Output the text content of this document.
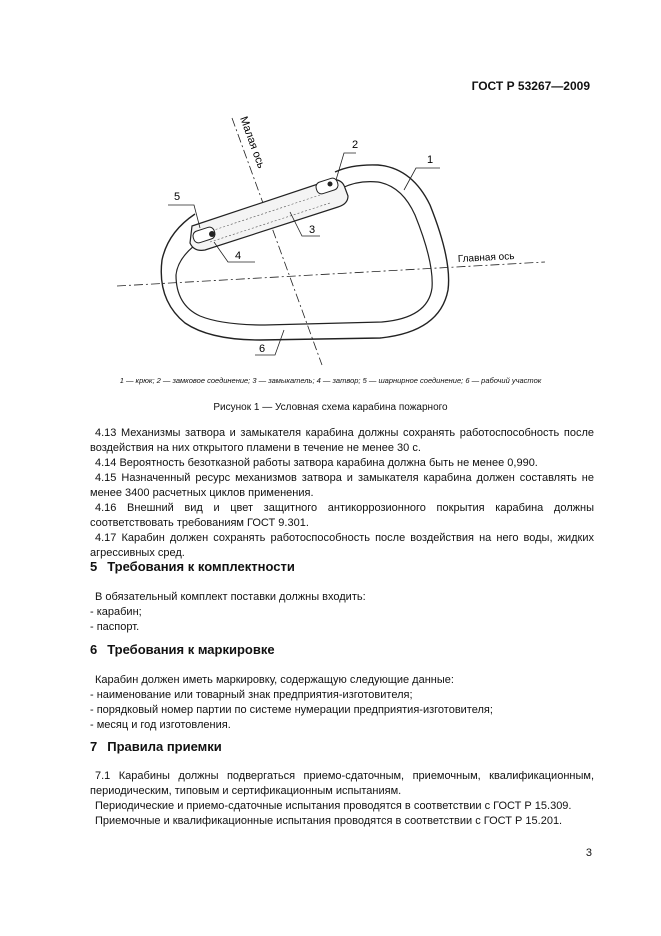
ГОСТ Р 53267—2009
1
2
3
4
5
6
Малая ось
Главная ось
1 — крюк; 2 — замковое соединение; 3 — замыкатель; 4 — затвор; 5 — шарнирное соединение; 6 — рабочий участок
Рисунок 1 — Условная схема карабина пожарного

4.13 Механизмы затвора и замыкателя карабина должны сохранять работоспособность после воздействия на них открытого пламени в течение не менее 30 с.

4.14 Вероятность безотказной работы затвора карабина должна быть не менее 0,990.

4.15 Назначенный ресурс механизмов затвора и замыкателя карабина должен составлять не менее 3400 расчетных циклов применения.

4.16 Внешний вид и цвет защитного антикоррозионного покрытия карабина должны соответствовать требованиям ГОСТ 9.301.

4.17 Карабин должен сохранять работоспособность после воздействия на него воды, жидких агрессивных сред.

5 Требования к комплектности

В обязательный комплект поставки должны входить:

- карабин;

- паспорт.

6 Требования к маркировке

Карабин должен иметь маркировку, содержащую следующие данные:

- наименование или товарный знак предприятия-изготовителя;

- порядковый номер партии по системе нумерации предприятия-изготовителя;

- месяц и год изготовления.

7 Правила приемки

7.1 Карабины должны подвергаться приемо-сдаточным, приемочным, квалификационным, периодическим, типовым и сертификационным испытаниям.

Периодические и приемо-сдаточные испытания проводятся в соответствии с ГОСТ Р 15.309.

Приемочные и квалификационные испытания проводятся в соответствии с ГОСТ Р 15.201.

3
